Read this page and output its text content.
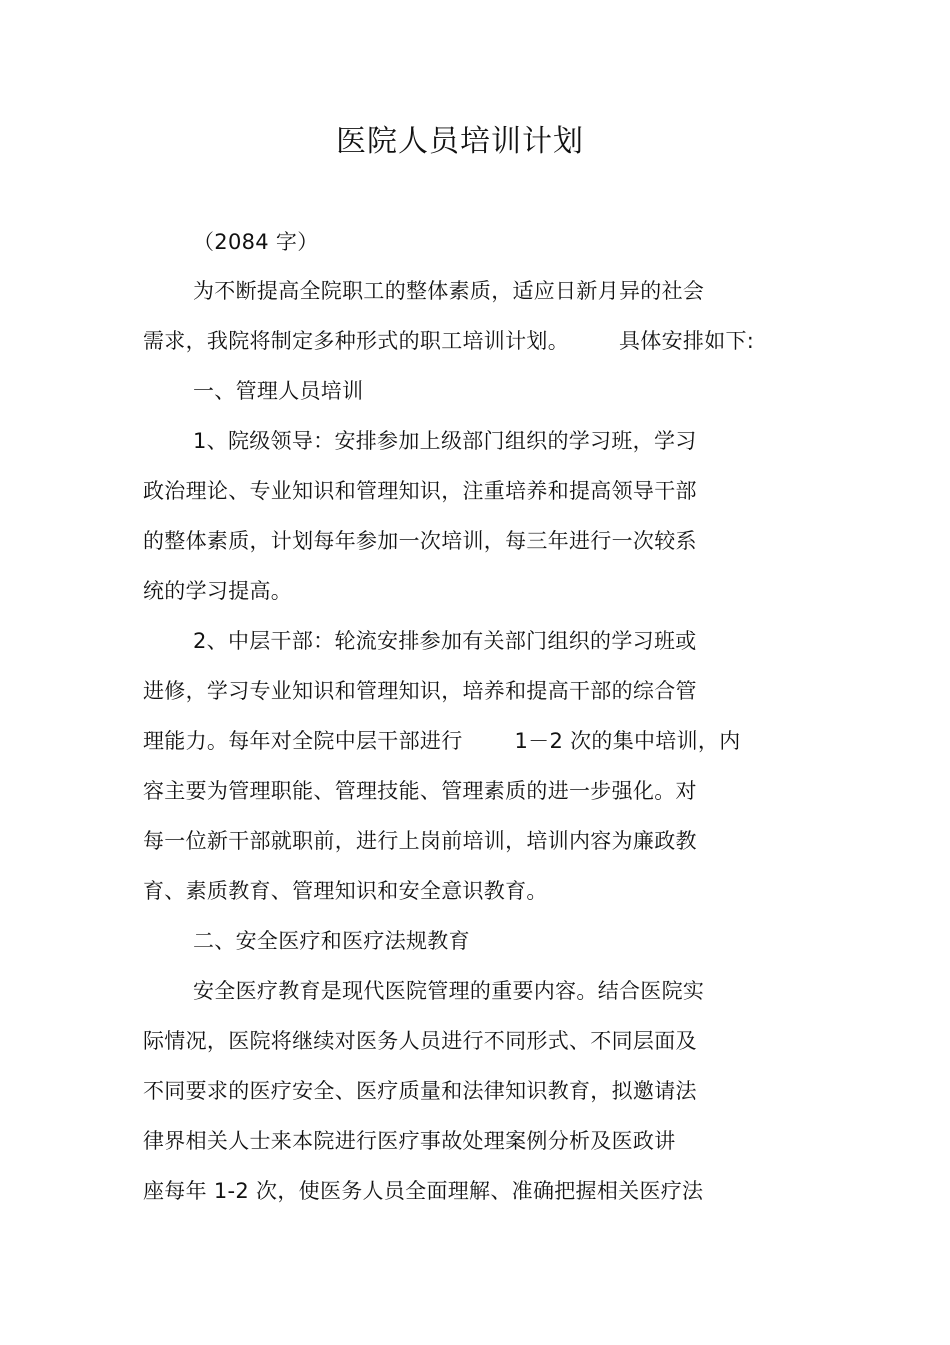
医院人员培训计划
（2084 字）
为不断提高全院职工的整体素质，适应日新月异的社会
需求，我院将制定多种形式的职工培训计划。 具体安排如下:
一、管理人员培训
1、院级领导：安排参加上级部门组织的学习班，学习
政治理论、专业知识和管理知识，注重培养和提高领导干部
的整体素质，计划每年参加一次培训，每三年进行一次较系
统的学习提高。
2、中层干部：轮流安排参加有关部门组织的学习班或
进修，学习专业知识和管理知识，培养和提高干部的综合管
理能力。每年对全院中层干部进行 1－2 次的集中培训，内
容主要为管理职能、管理技能、管理素质的进一步强化。对
每一位新干部就职前，进行上岗前培训，培训内容为廉政教
育、素质教育、管理知识和安全意识教育。
二、安全医疗和医疗法规教育
安全医疗教育是现代医院管理的重要内容。结合医院实
际情况，医院将继续对医务人员进行不同形式、不同层面及
不同要求的医疗安全、医疗质量和法律知识教育，拟邀请法
律界相关人士来本院进行医疗事故处理案例分析及医政讲
座每年 1-2 次，使医务人员全面理解、准确把握相关医疗法
